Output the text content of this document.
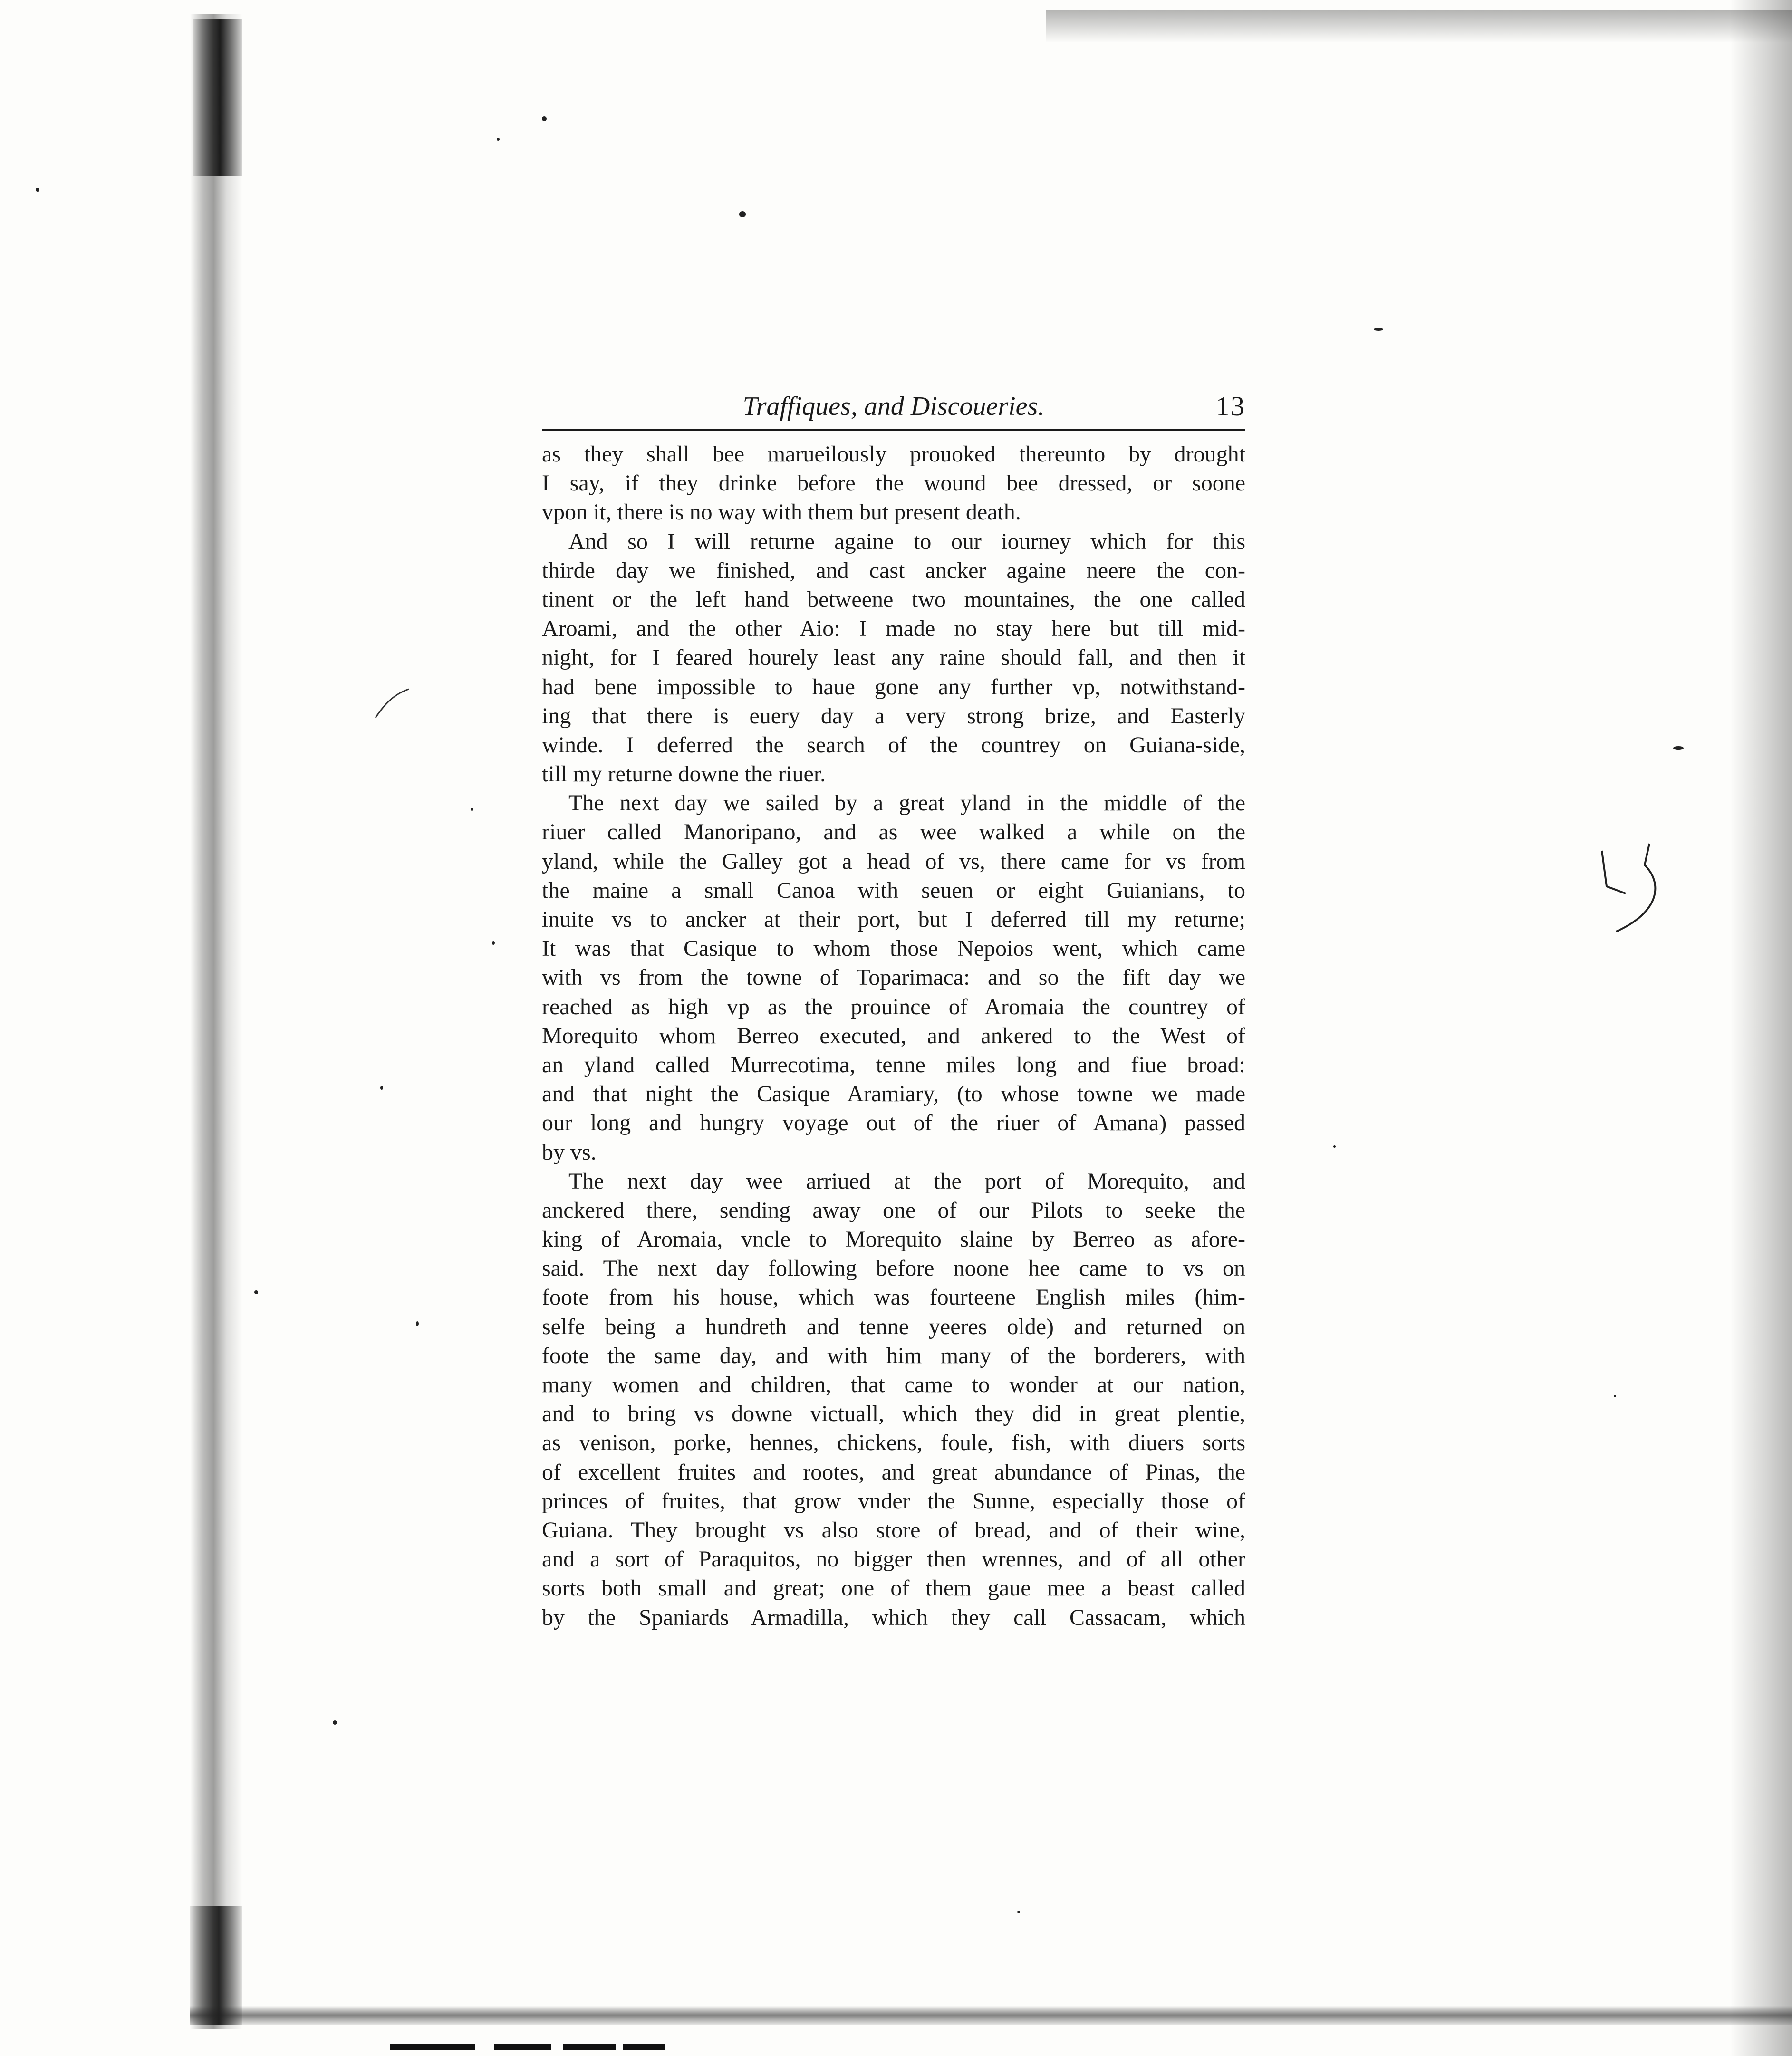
Traffiques, and Discoueries.	13
as they shall bee marueilously prouoked thereunto by drought
I say, if they drinke before the wound bee dressed, or soone
vpon it, there is no way with them but present death.
And so I will returne againe to our iourney which for this
thirde day we finished, and cast ancker againe neere the con-
tinent or the left hand betweene two mountaines, the one called
Aroami, and the other Aio: I made no stay here but till mid-
night, for I feared hourely least any raine should fall, and then it
had bene impossible to haue gone any further vp, notwithstand-
ing that there is euery day a very strong brize, and Easterly
winde. I deferred the search of the countrey on Guiana-side,
till my returne downe the riuer.
The next day we sailed by a great yland in the middle of the
riuer called Manoripano, and as wee walked a while on the
yland, while the Galley got a head of vs, there came for vs from
the maine a small Canoa with seuen or eight Guianians, to
inuite vs to ancker at their port, but I deferred till my returne;
It was that Casique to whom those Nepoios went, which came
with vs from the towne of Toparimaca: and so the fift day we
reached as high vp as the prouince of Aromaia the countrey of
Morequito whom Berreo executed, and ankered to the West of
an yland called Murrecotima, tenne miles long and fiue broad:
and that night the Casique Aramiary, (to whose towne we made
our long and hungry voyage out of the riuer of Amana) passed
by vs.
The next day wee arriued at the port of Morequito, and
anckered there, sending away one of our Pilots to seeke the
king of Aromaia, vncle to Morequito slaine by Berreo as afore-
said. The next day following before noone hee came to vs on
foote from his house, which was fourteene English miles (him-
selfe being a hundreth and tenne yeeres olde) and returned on
foote the same day, and with him many of the borderers, with
many women and children, that came to wonder at our nation,
and to bring vs downe victuall, which they did in great plentie,
as venison, porke, hennes, chickens, foule, fish, with diuers sorts
of excellent fruites and rootes, and great abundance of Pinas, the
princes of fruites, that grow vnder the Sunne, especially those of
Guiana. They brought vs also store of bread, and of their wine,
and a sort of Paraquitos, no bigger then wrennes, and of all other
sorts both small and great; one of them gaue mee a beast called
by the Spaniards Armadilla, which they call Cassacam, which
